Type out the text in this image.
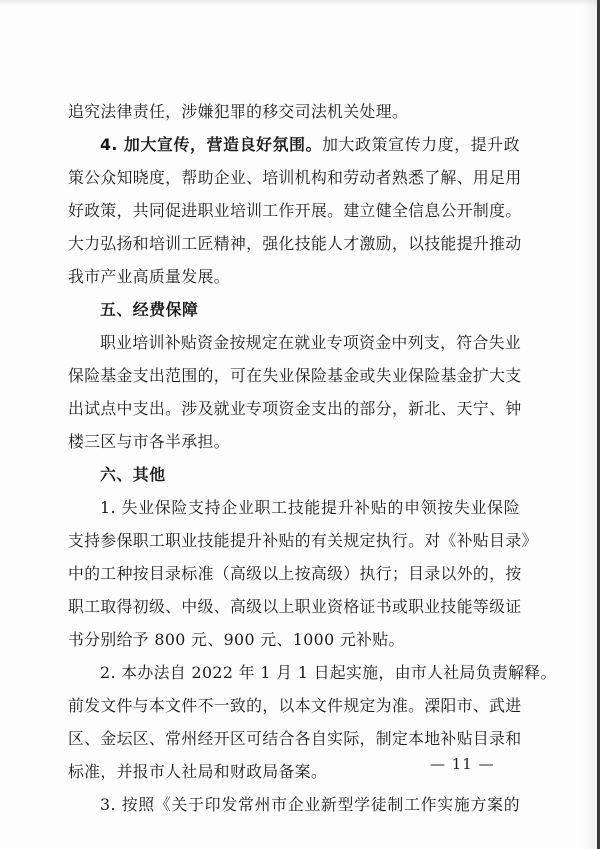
追究法律责任，涉嫌犯罪的移交司法机关处理。
4. 加大宣传，营造良好氛围。加大政策宣传力度，提升政
策公众知晓度，帮助企业、培训机构和劳动者熟悉了解、用足用
好政策，共同促进职业培训工作开展。建立健全信息公开制度。
大力弘扬和培训工匠精神，强化技能人才激励，以技能提升推动
我市产业高质量发展。
五、经费保障
职业培训补贴资金按规定在就业专项资金中列支，符合失业
保险基金支出范围的，可在失业保险基金或失业保险基金扩大支
出试点中支出。涉及就业专项资金支出的部分，新北、天宁、钟
楼三区与市各半承担。
六、其他
1. 失业保险支持企业职工技能提升补贴的申领按失业保险
支持参保职工职业技能提升补贴的有关规定执行。对《补贴目录》
中的工种按目录标准（高级以上按高级）执行；目录以外的，按
职工取得初级、中级、高级以上职业资格证书或职业技能等级证
书分别给予 800 元、900 元、1000 元补贴。
2. 本办法自 2022 年 1 月 1 日起实施，由市人社局负责解释。
前发文件与本文件不一致的，以本文件规定为准。溧阳市、武进
区、金坛区、常州经开区可结合各自实际，制定本地补贴目录和
标准，并报市人社局和财政局备案。
3. 按照《关于印发常州市企业新型学徒制工作实施方案的
— 11 —
